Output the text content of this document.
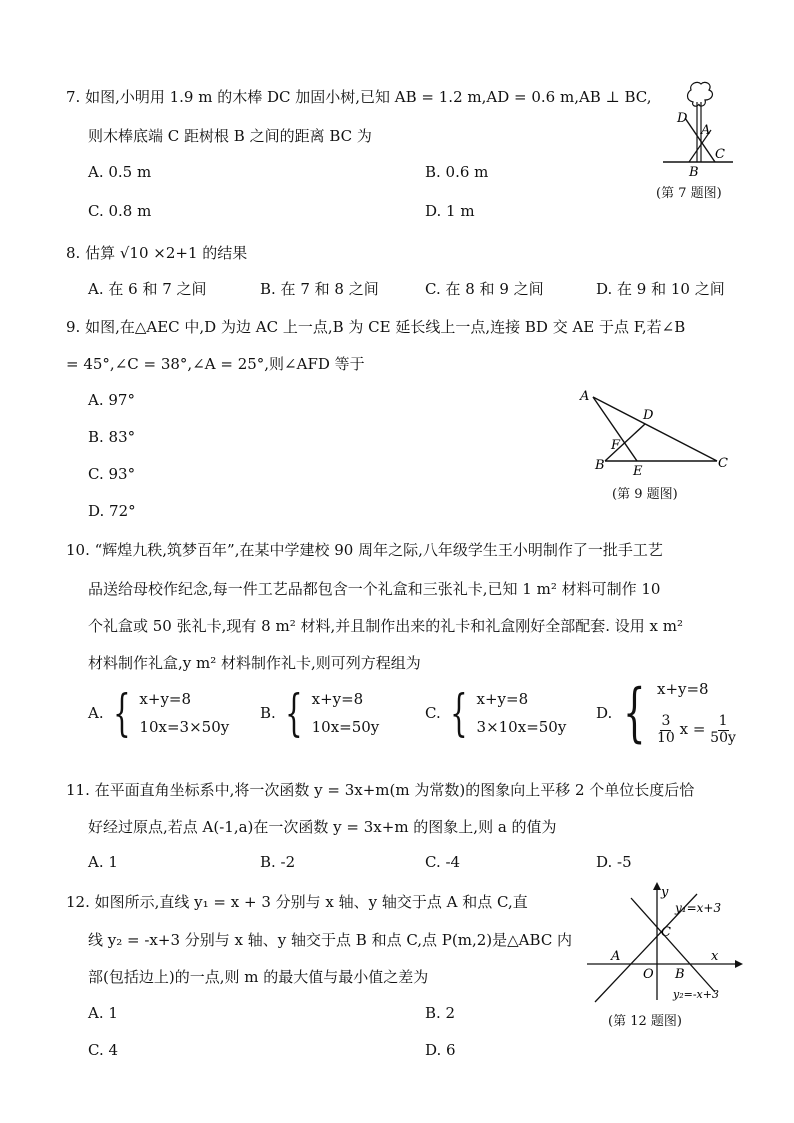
7. 如图,小明用 1.9 m 的木棒 DC 加固小树,已知 AB = 1.2 m,AD = 0.6 m,AB ⊥ BC,
则木棒底端 C 距树根 B 之间的距离 BC 为
A. 0.5 m	B. 0.6 m
C. 0.8 m	D. 1 m
D
A
C
B
(第 7 题图)
8. 估算 √10 ×2+1 的结果
A. 在 6 和 7 之间	B. 在 7 和 8 之间	C. 在 8 和 9 之间	D. 在 9 和 10 之间
9. 如图,在△AEC 中,D 为边 AC 上一点,B 为 CE 延长线上一点,连接 BD 交 AE 于点 F,若∠B
= 45°,∠C = 38°,∠A = 25°,则∠AFD 等于
A. 97°
B. 83°
C. 93°
D. 72°
A
D
F
B E
C
(第 9 题图)
10. “辉煌九秩,筑梦百年”,在某中学建校 90 周年之际,八年级学生王小明制作了一批手工艺
品送给母校作纪念,每一件工艺品都包含一个礼盒和三张礼卡,已知 1 m² 材料可制作 10
个礼盒或 50 张礼卡,现有 8 m² 材料,并且制作出来的礼卡和礼盒刚好全部配套. 设用 x m²
材料制作礼盒,y m² 材料制作礼卡,则可列方程组为
A. { x+y=8
10x=3×50y
B. { x+y=8
10x=50y
C. { x+y=8
3×10x=50y
D. { x+y=8
$\frac{3}{10}$ $x = \frac{1}{50y}$
11. 在平面直角坐标系中,将一次函数 y = 3x+m(m 为常数)的图象向上平移 2 个单位长度后恰
好经过原点,若点 A(-1,a)在一次函数 y = 3x+m 的图象上,则 a 的值为
A. 1	B. -2	C. -4	D. -5
12. 如图所示,直线 y₁ = x + 3 分别与 x 轴、y 轴交于点 A 和点 C,直
线 y₂ = -x+3 分别与 x 轴、y 轴交于点 B 和点 C,点 P(m,2)是△ABC 内
部(包括边上)的一点,则 m 的最大值与最小值之差为
A. 1	B. 2
C. 4	D. 6
y
y₁=x+3
C
A
O B
x
y₂=-x+3
(第 12 题图)
